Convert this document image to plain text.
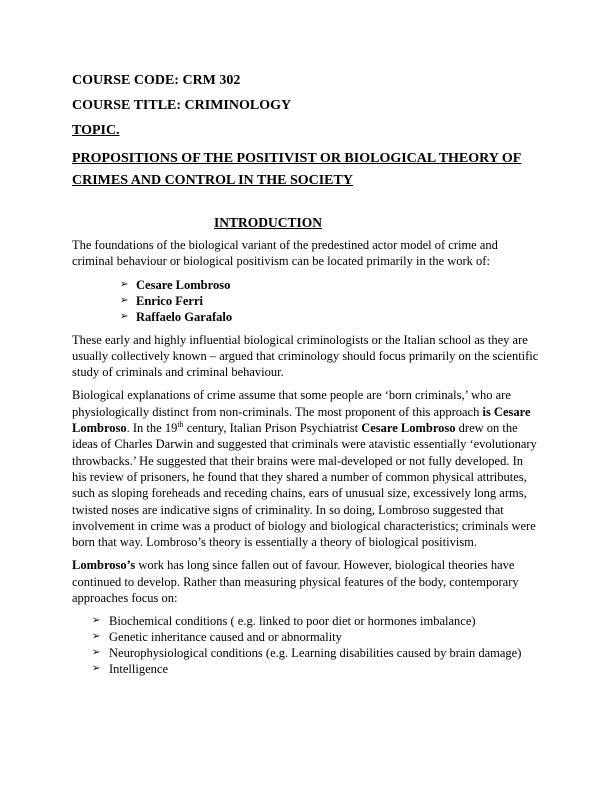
COURSE CODE: CRM 302

COURSE TITLE: CRIMINOLOGY

TOPIC.

PROPOSITIONS OF THE POSITIVIST OR BIOLOGICAL THEORY OF
CRIMES AND CONTROL IN THE SOCIETY

INTRODUCTION

The foundations of the biological variant of the predestined actor model of crime and criminal behaviour or biological positivism can be located primarily in the work of:

➢ Cesare Lombroso
➢ Enrico Ferri
➢ Raffaelo Garafalo

These early and highly influential biological criminologists or the Italian school as they are usually collectively known – argued that criminology should focus primarily on the scientific study of criminals and criminal behaviour.

Biological explanations of crime assume that some people are ‘born criminals,’ who are physiologically distinct from non-criminals. The most proponent of this approach is Cesare Lombroso. In the 19th century, Italian Prison Psychiatrist Cesare Lombroso drew on the ideas of Charles Darwin and suggested that criminals were atavistic essentially ‘evolutionary throwbacks.’ He suggested that their brains were mal-developed or not fully developed. In his review of prisoners, he found that they shared a number of common physical attributes, such as sloping foreheads and receding chains, ears of unusual size, excessively long arms, twisted noses are indicative signs of criminality. In so doing, Lombroso suggested that involvement in crime was a product of biology and biological characteristics; criminals were born that way. Lombroso’s theory is essentially a theory of biological positivism.

Lombroso’s work has long since fallen out of favour. However, biological theories have continued to develop. Rather than measuring physical features of the body, contemporary approaches focus on:

➢ Biochemical conditions ( e.g. linked to poor diet or hormones imbalance)
➢ Genetic inheritance caused and or abnormality
➢ Neurophysiological conditions (e.g. Learning disabilities caused by brain damage)
➢ Intelligence
